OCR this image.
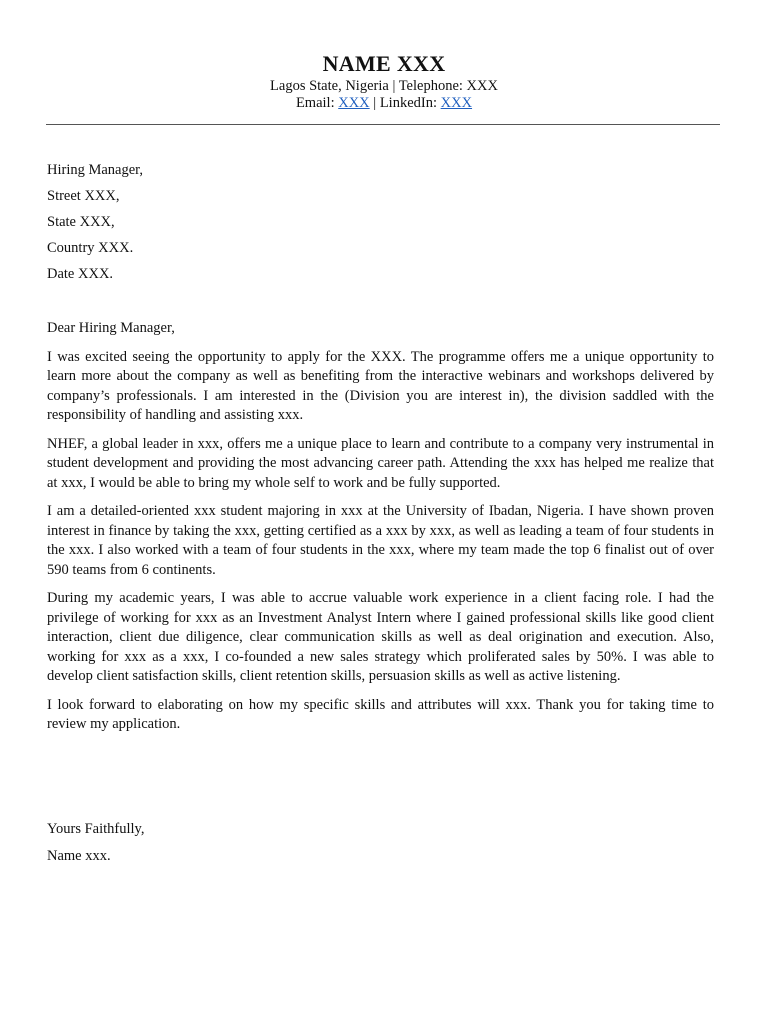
NAME XXX
Lagos State, Nigeria | Telephone: XXX
Email: XXX | LinkedIn: XXX
Hiring Manager,
Street XXX,
State XXX,
Country XXX.
Date XXX.

Dear Hiring Manager,

I was excited seeing the opportunity to apply for the XXX. The programme offers me a unique opportunity to learn more about the company as well as benefiting from the interactive webinars and workshops delivered by company’s professionals. I am interested in the (Division you are interest in), the division saddled with the responsibility of handling and assisting xxx.

NHEF, a global leader in xxx, offers me a unique place to learn and contribute to a company very instrumental in student development and providing the most advancing career path. Attending the xxx has helped me realize that at xxx, I would be able to bring my whole self to work and be fully supported.

I am a detailed-oriented xxx student majoring in xxx at the University of Ibadan, Nigeria. I have shown proven interest in finance by taking the xxx, getting certified as a xxx by xxx, as well as leading a team of four students in the xxx. I also worked with a team of four students in the xxx, where my team made the top 6 finalist out of over 590 teams from 6 continents.

During my academic years, I was able to accrue valuable work experience in a client facing role. I had the privilege of working for xxx as an Investment Analyst Intern where I gained professional skills like good client interaction, client due diligence, clear communication skills as well as deal origination and execution. Also, working for xxx as a xxx, I co-founded a new sales strategy which proliferated sales by 50%. I was able to develop client satisfaction skills, client retention skills, persuasion skills as well as active listening.

I look forward to elaborating on how my specific skills and attributes will xxx. Thank you for taking time to review my application.

Yours Faithfully,
Name xxx.
